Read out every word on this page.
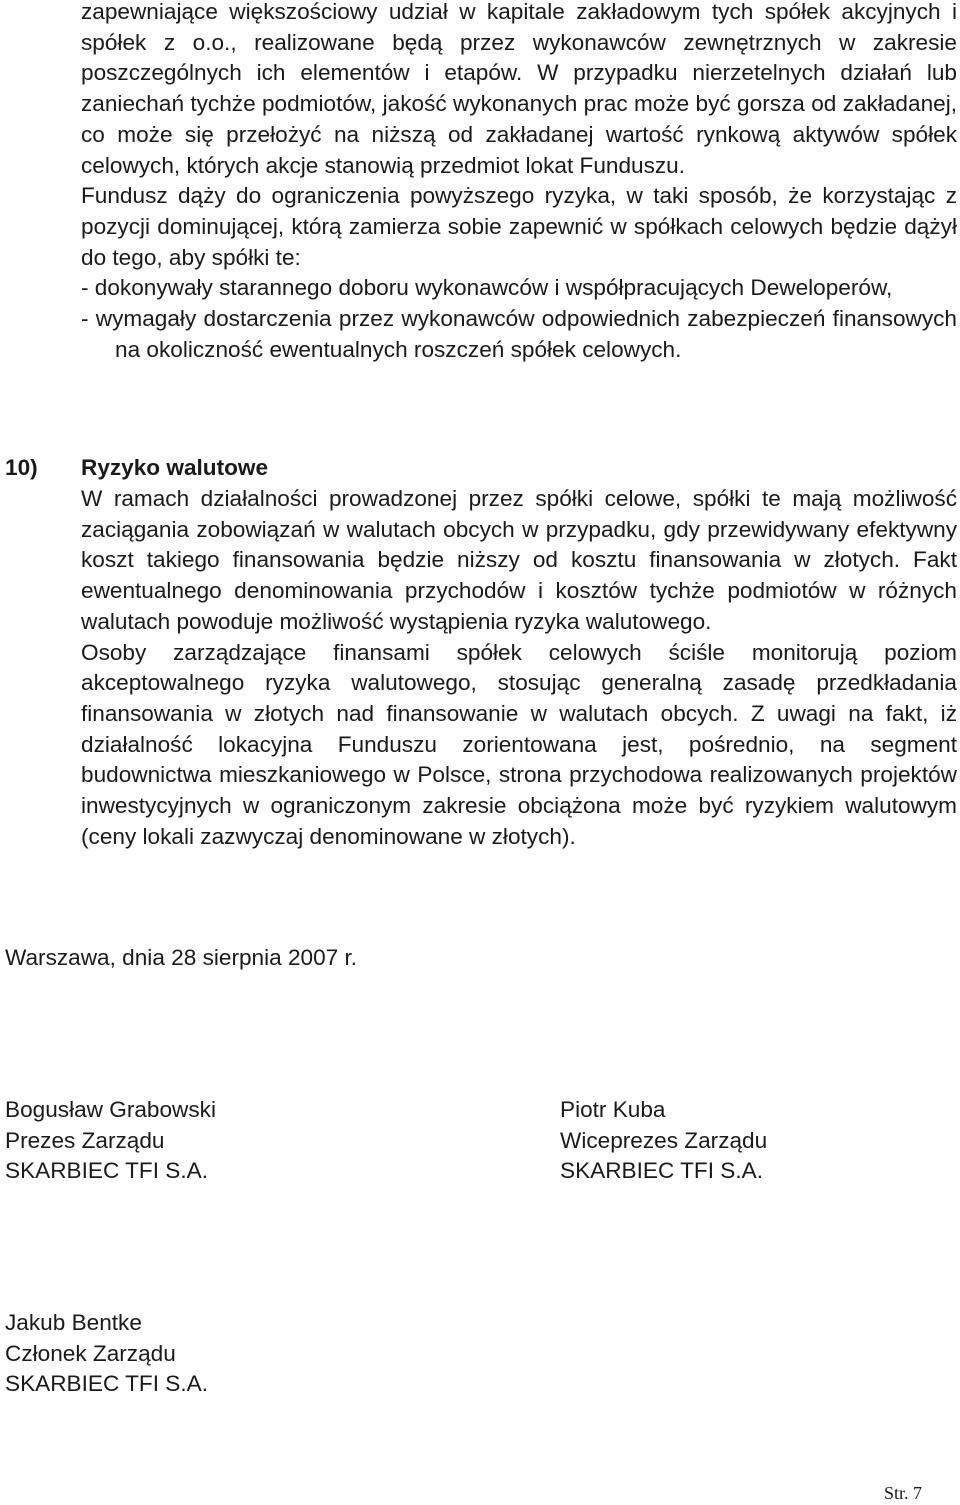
zapewniające większościowy udział w kapitale zakładowym tych spółek akcyjnych i spółek z o.o., realizowane będą przez wykonawców zewnętrznych w zakresie poszczególnych ich elementów i etapów. W przypadku nierzetelnych działań lub zaniechań tychże podmiotów, jakość wykonanych prac może być gorsza od zakładanej, co może się przełożyć na niższą od zakładanej wartość rynkową aktywów spółek celowych, których akcje stanowią przedmiot lokat Funduszu.

Fundusz dąży do ograniczenia powyższego ryzyka, w taki sposób, że korzystając z pozycji dominującej, którą zamierza sobie zapewnić w spółkach celowych będzie dążył do tego, aby spółki te:

- dokonywały starannego doboru wykonawców i współpracujących Deweloperów,

- wymagały dostarczenia przez wykonawców odpowiednich zabezpieczeń finansowych na okoliczność ewentualnych roszczeń spółek celowych.

10) Ryzyko walutowe

W ramach działalności prowadzonej przez spółki celowe, spółki te mają możliwość zaciągania zobowiązań w walutach obcych w przypadku, gdy przewidywany efektywny koszt takiego finansowania będzie niższy od kosztu finansowania w złotych. Fakt ewentualnego denominowania przychodów i kosztów tychże podmiotów w różnych walutach powoduje możliwość wystąpienia ryzyka walutowego.

Osoby zarządzające finansami spółek celowych ściśle monitorują poziom akceptowalnego ryzyka walutowego, stosując generalną zasadę przedkładania finansowania w złotych nad finansowanie w walutach obcych. Z uwagi na fakt, iż działalność lokacyjna Funduszu zorientowana jest, pośrednio, na segment budownictwa mieszkaniowego w Polsce, strona przychodowa realizowanych projektów inwestycyjnych w ograniczonym zakresie obciążona może być ryzykiem walutowym (ceny lokali zazwyczaj denominowane w złotych).

Warszawa, dnia 28 sierpnia 2007 r.

Bogusław Grabowski
Prezes Zarządu
SKARBIEC TFI S.A.
Piotr Kuba
Wiceprezes Zarządu
SKARBIEC TFI S.A.
Jakub Bentke
Członek Zarządu
SKARBIEC TFI S.A.
Str. 7
